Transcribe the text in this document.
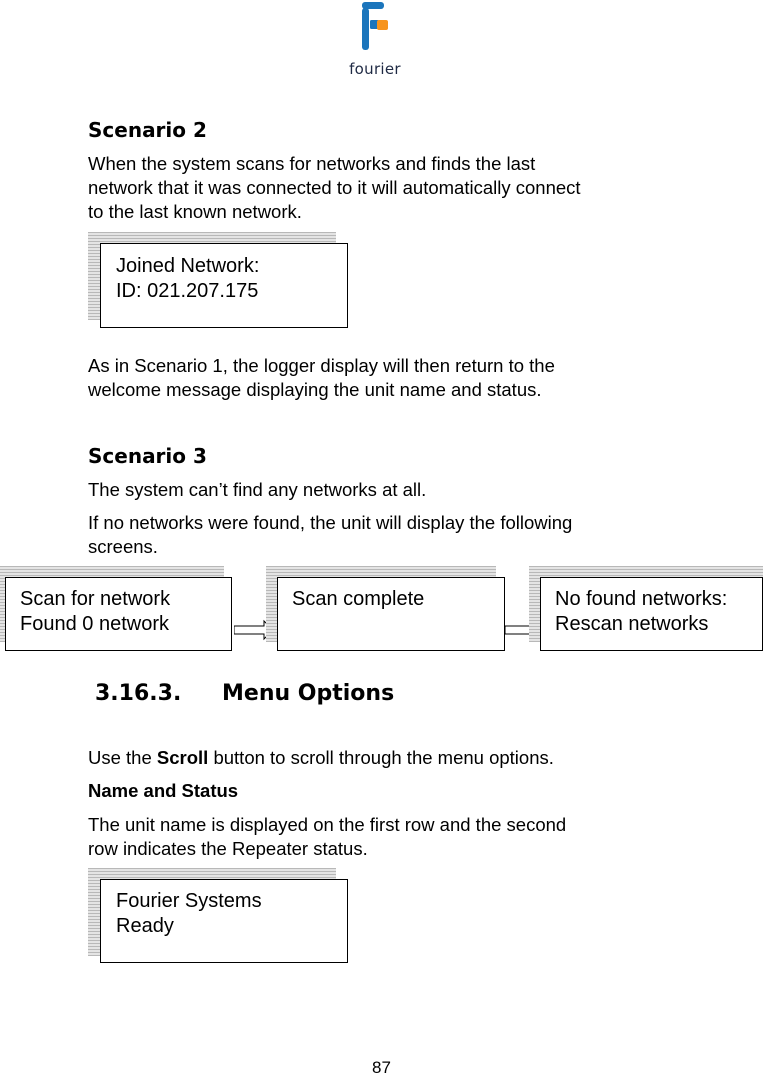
fourier
Scenario 2
When the system scans for networks and finds the last
network that it was connected to it will automatically connect
to the last known network.
Joined Network:
ID: 021.207.175
As in Scenario 1, the logger display will then return to the
welcome message displaying the unit name and status.
Scenario 3
The system can’t find any networks at all.
If no networks were found, the unit will display the following
screens.
Scan for network
Found 0 network
Scan complete	No found networks:
Rescan networks
3.16.3. Menu Options
Use the Scroll button to scroll through the menu options.
Name and Status
The unit name is displayed on the first row and the second
row indicates the Repeater status.
Fourier Systems
Ready
87
